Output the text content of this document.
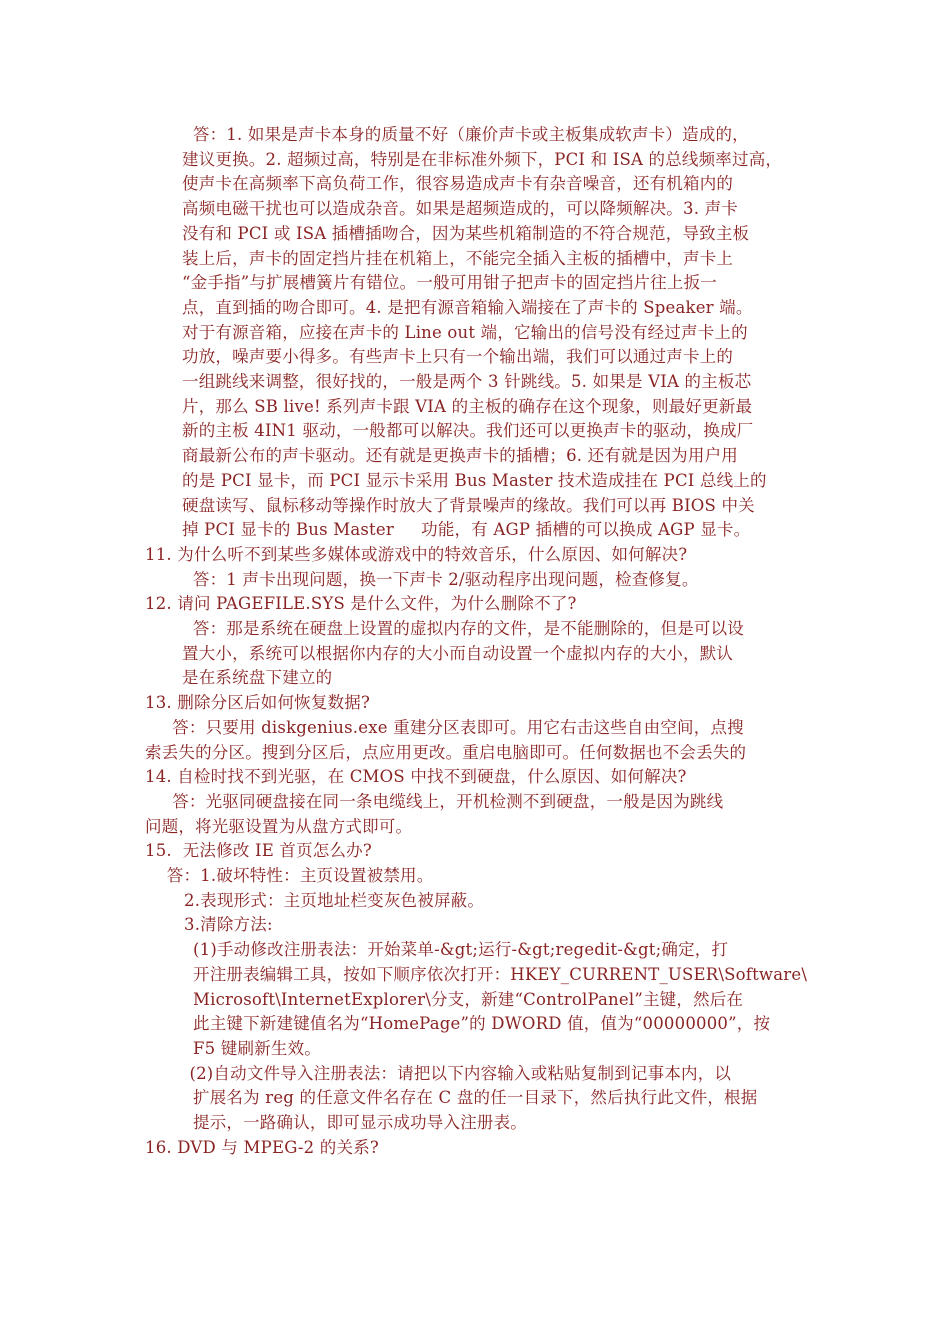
答：1. 如果是声卡本身的质量不好（廉价声卡或主板集成软声卡）造成的，
建议更换。2. 超频过高，特别是在非标准外频下，PCI 和 ISA 的总线频率过高，
使声卡在高频率下高负荷工作，很容易造成声卡有杂音噪音，还有机箱内的
高频电磁干扰也可以造成杂音。如果是超频造成的，可以降频解决。3. 声卡
没有和 PCI 或 ISA 插槽插吻合，因为某些机箱制造的不符合规范，导致主板
装上后，声卡的固定挡片挂在机箱上，不能完全插入主板的插槽中，声卡上
“金手指”与扩展槽簧片有错位。一般可用钳子把声卡的固定挡片往上扳一
点，直到插的吻合即可。4. 是把有源音箱输入端接在了声卡的 Speaker 端。
对于有源音箱，应接在声卡的 Line out 端，它输出的信号没有经过声卡上的
功放，噪声要小得多。有些声卡上只有一个输出端，我们可以通过声卡上的
一组跳线来调整，很好找的，一般是两个 3 针跳线。5. 如果是 VIA 的主板芯
片，那么 SB live! 系列声卡跟 VIA 的主板的确存在这个现象，则最好更新最
新的主板 4IN1 驱动，一般都可以解决。我们还可以更换声卡的驱动，换成厂
商最新公布的声卡驱动。还有就是更换声卡的插槽；6. 还有就是因为用户用
的是 PCI 显卡，而 PCI 显示卡采用 Bus Master 技术造成挂在 PCI 总线上的
硬盘读写、鼠标移动等操作时放大了背景噪声的缘故。我们可以再 BIOS 中关
掉 PCI 显卡的 Bus Master     功能，有 AGP 插槽的可以换成 AGP 显卡。
11. 为什么听不到某些多媒体或游戏中的特效音乐，什么原因、如何解决?
答：1 声卡出现问题，换一下声卡 2/驱动程序出现问题，检查修复。
12. 请问 PAGEFILE.SYS 是什么文件，为什么删除不了?
答：那是系统在硬盘上设置的虚拟内存的文件，是不能删除的，但是可以设
置大小，系统可以根据你内存的大小而自动设置一个虚拟内存的大小，默认
是在系统盘下建立的
13. 删除分区后如何恢复数据?
答：只要用 diskgenius.exe 重建分区表即可。用它右击这些自由空间，点搜
索丢失的分区。搜到分区后，点应用更改。重启电脑即可。任何数据也不会丢失的
14. 自检时找不到光驱，在 CMOS 中找不到硬盘，什么原因、如何解决?
答：光驱同硬盘接在同一条电缆线上，开机检测不到硬盘，一般是因为跳线
问题，将光驱设置为从盘方式即可。
15.  无法修改 IE 首页怎么办?
答：1.破坏特性：主页设置被禁用。
2.表现形式：主页地址栏变灰色被屏蔽。
3.清除方法:
(1)手动修改注册表法：开始菜单-&gt;运行-&gt;regedit-&gt;确定，打
开注册表编辑工具，按如下顺序依次打开：HKEY_CURRENT_USER\Software\
Microsoft\InternetExplorer\分支，新建“ControlPanel”主键，然后在
此主键下新建键值名为“HomePage”的 DWORD 值，值为“00000000”，按
F5 键刷新生效。
(2)自动文件导入注册表法：请把以下内容输入或粘贴复制到记事本内，以
扩展名为 reg 的任意文件名存在 C 盘的任一目录下，然后执行此文件，根据
提示，一路确认，即可显示成功导入注册表。
16. DVD 与 MPEG-2 的关系?
